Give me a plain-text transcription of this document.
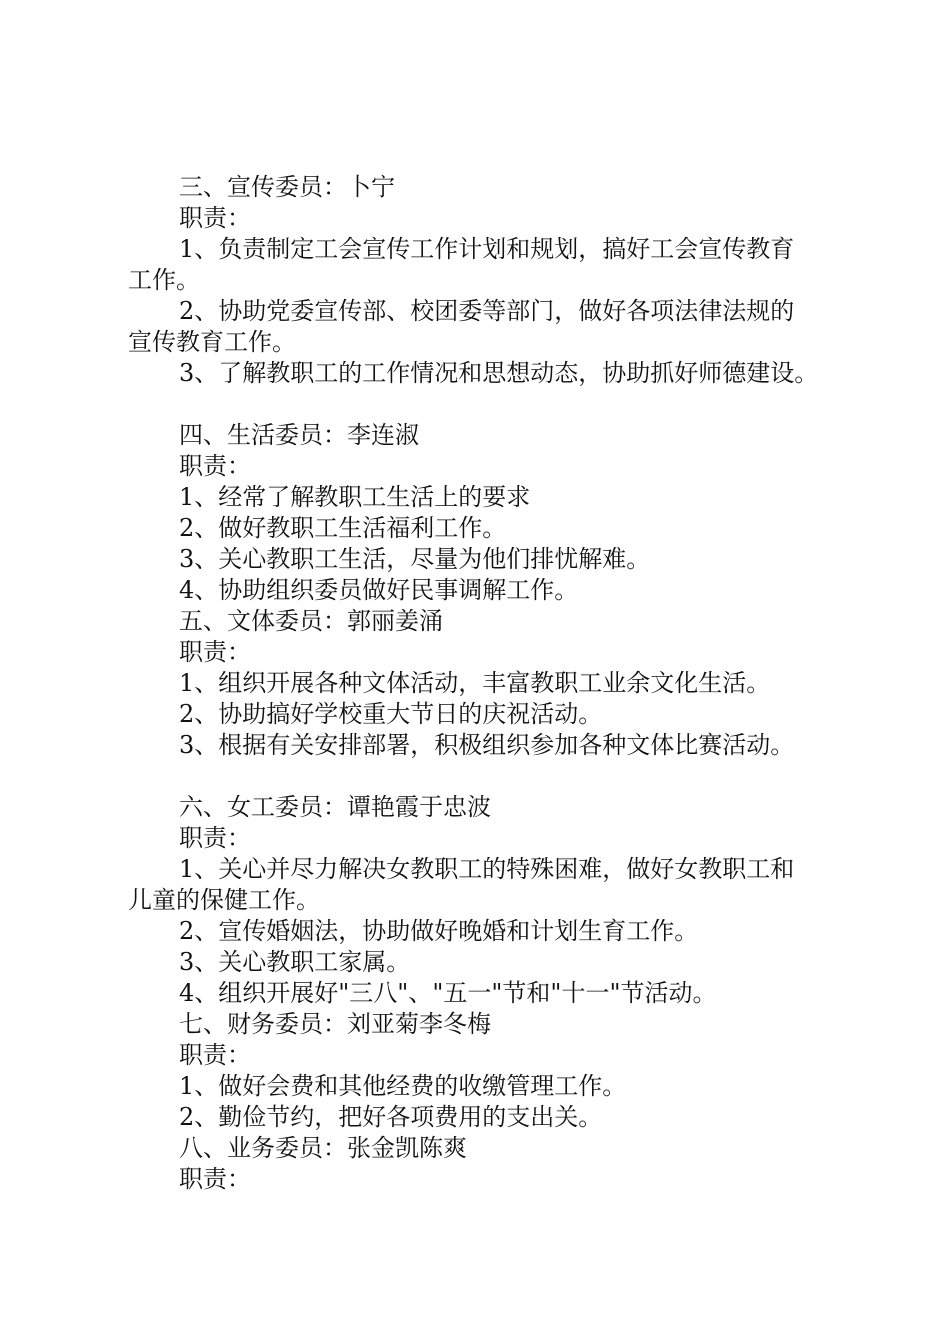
三、宣传委员：卜宁
职责：
1、负责制定工会宣传工作计划和规划，搞好工会宣传教育
工作。
2、协助党委宣传部、校团委等部门，做好各项法律法规的
宣传教育工作。
3、了解教职工的工作情况和思想动态，协助抓好师德建设。
四、生活委员：李连淑
职责：
1、经常了解教职工生活上的要求
2、做好教职工生活福利工作。
3、关心教职工生活，尽量为他们排忧解难。
4、协助组织委员做好民事调解工作。
五、文体委员：郭丽姜涌
职责：
1、组织开展各种文体活动，丰富教职工业余文化生活。
2、协助搞好学校重大节日的庆祝活动。
3、根据有关安排部署，积极组织参加各种文体比赛活动。
六、女工委员：谭艳霞于忠波
职责：
1、关心并尽力解决女教职工的特殊困难，做好女教职工和
儿童的保健工作。
2、宣传婚姻法，协助做好晚婚和计划生育工作。
3、关心教职工家属。
4、组织开展好"三八"、"五一"节和"十一"节活动。
七、财务委员：刘亚菊李冬梅
职责：
1、做好会费和其他经费的收缴管理工作。
2、勤俭节约，把好各项费用的支出关。
八、业务委员：张金凯陈爽
职责：
